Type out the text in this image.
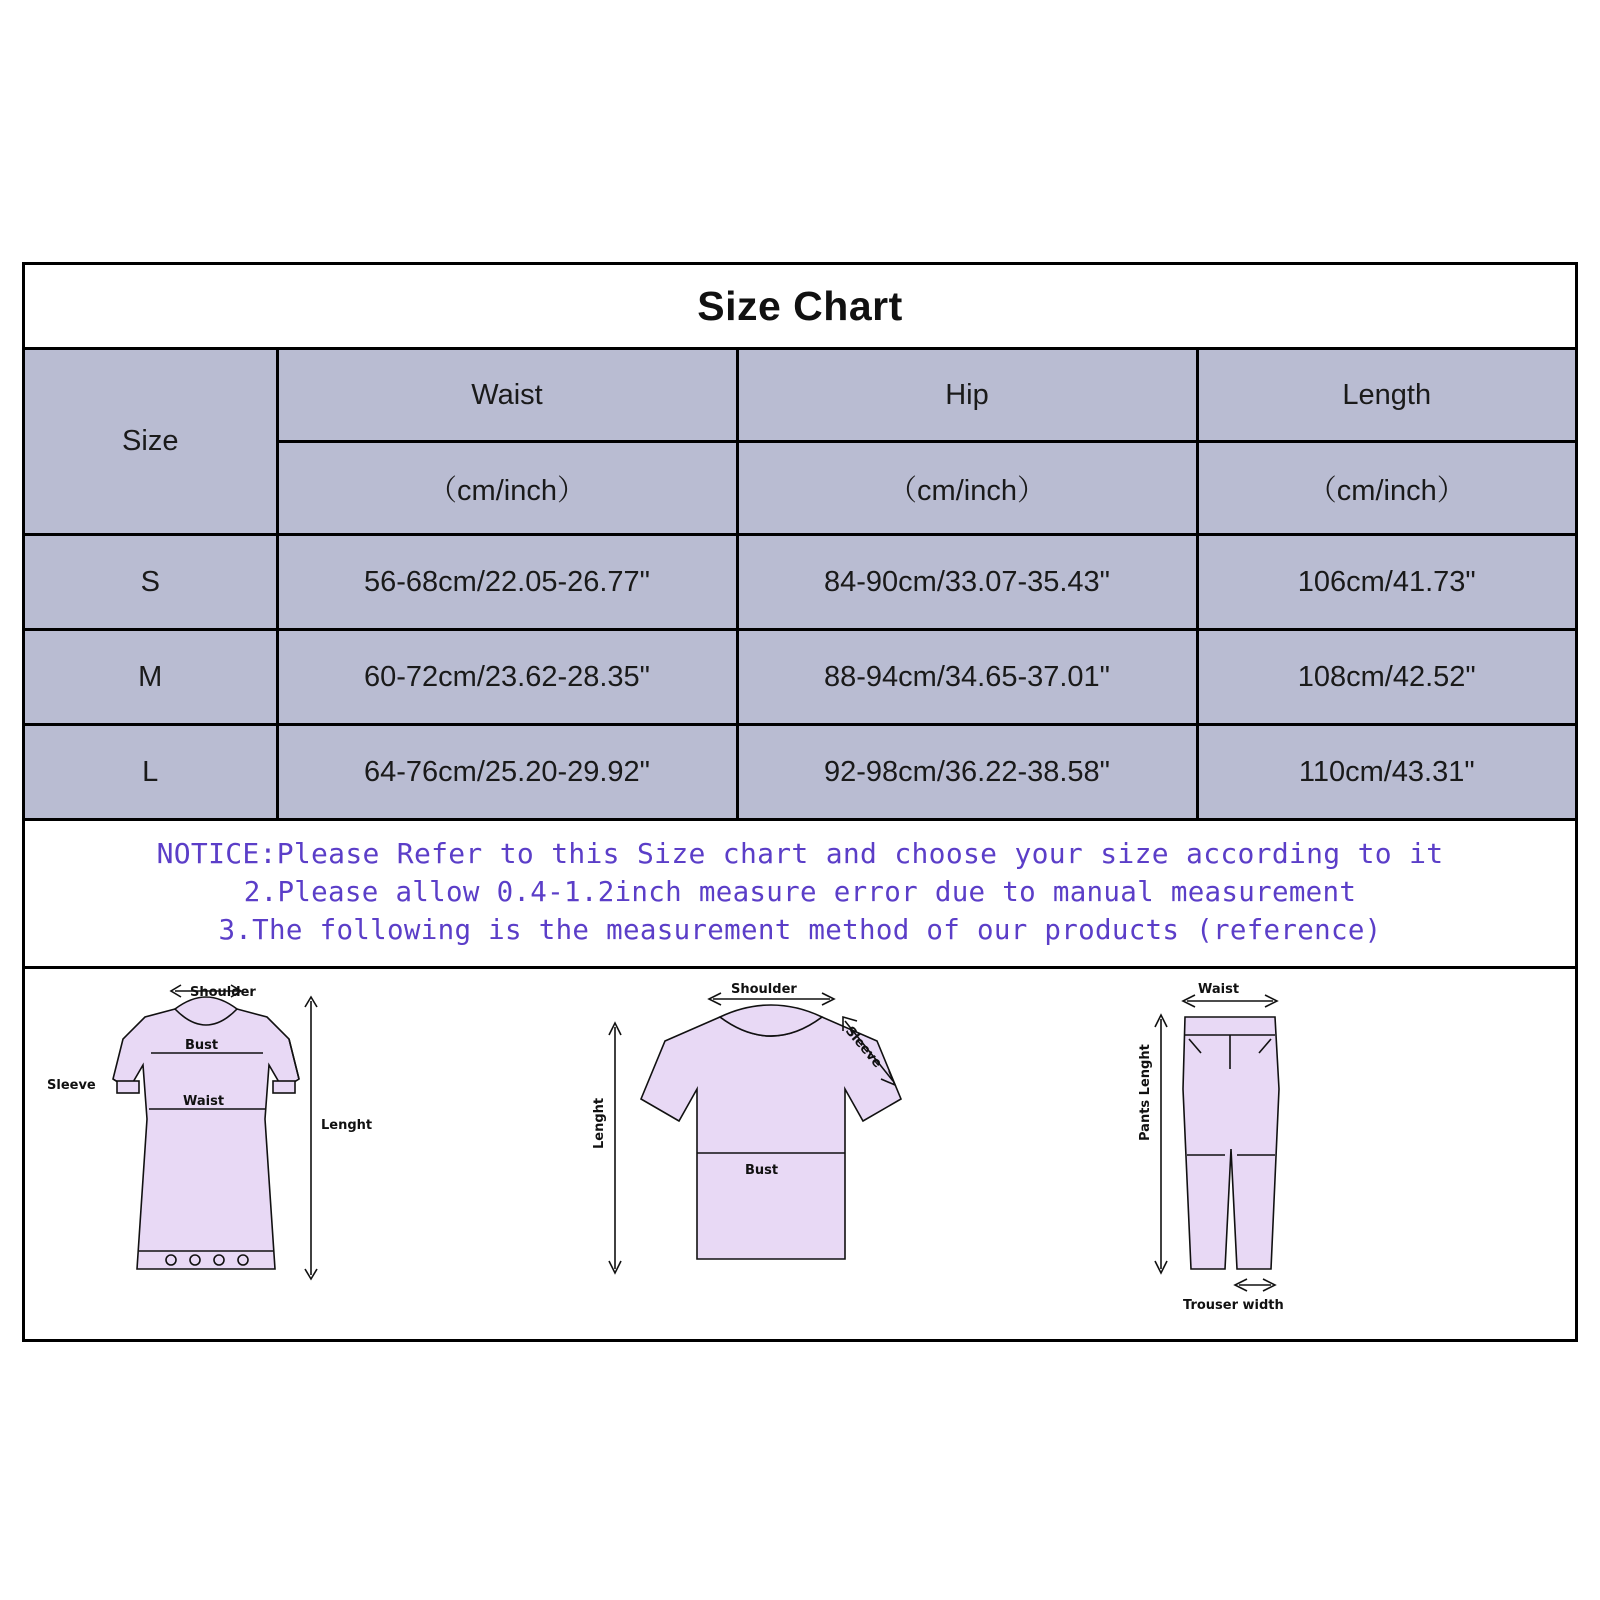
Size Chart
Size	Waist	Hip	Length
	（cm/inch）	（cm/inch）	（cm/inch）
S	56-68cm/22.05-26.77"	84-90cm/33.07-35.43"	106cm/41.73"
M	60-72cm/23.62-28.35"	88-94cm/34.65-37.01"	108cm/42.52"
L	64-76cm/25.20-29.92"	92-98cm/36.22-38.58"	110cm/43.31"
NOTICE:Please Refer to this Size chart and choose your size according to it
2.Please allow 0.4-1.2inch measure error due to manual measurement
3.The following is the measurement method of our products (reference)
Shoulder
Bust
Waist
Sleeve
Lenght
Shoulder
Sleeve
Bust
Lenght
Waist
Pants Lenght
Trouser width
